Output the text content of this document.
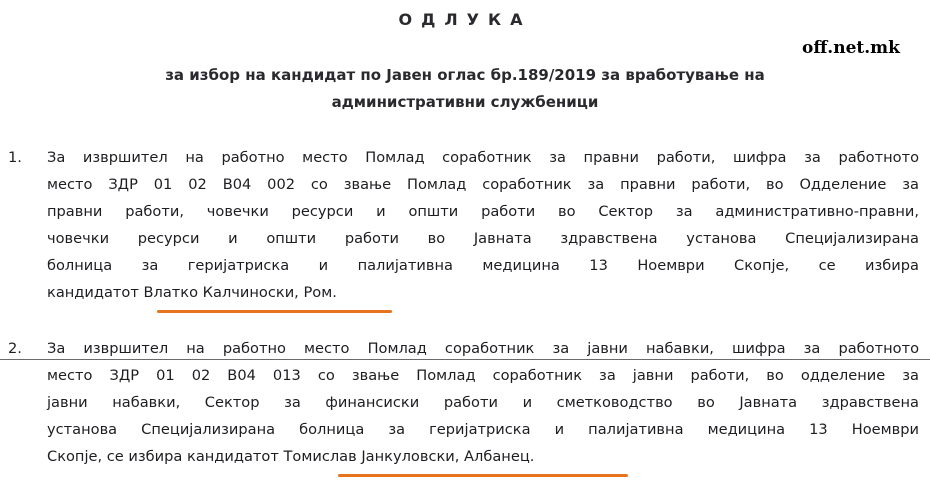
ОДЛУКА
off.net.mk
за избор на кандидат по Јавен оглас бр.189/2019 за вработување на
административни службеници
1. За извршител на работно место Помлад соработник за правни работи, шифра за работното
место ЗДР 01 02 В04 002 со звање Помлад соработник за правни работи, во Одделение за
правни работи, човечки ресурси и општи работи во Сектор за административно-правни,
човечки ресурси и општи работи во Јавната здравствена установа Специјализирана
болница за геријатриска и палијативна медицина 13 Ноември Скопје, се избира
кандидатот Влатко Калчиноски, Ром.
2. За извршител на работно место Помлад соработник за јавни набавки, шифра за работното
место ЗДР 01 02 В04 013 со звање Помлад соработник за јавни работи, во одделение за
јавни набавки, Сектор за финансиски работи и сметководство во Јавната здравствена
установа Специјализирана болница за геријатриска и палијативна медицина 13 Ноември
Скопје, се избира кандидатот Томислав Јанкуловски, Албанец.
